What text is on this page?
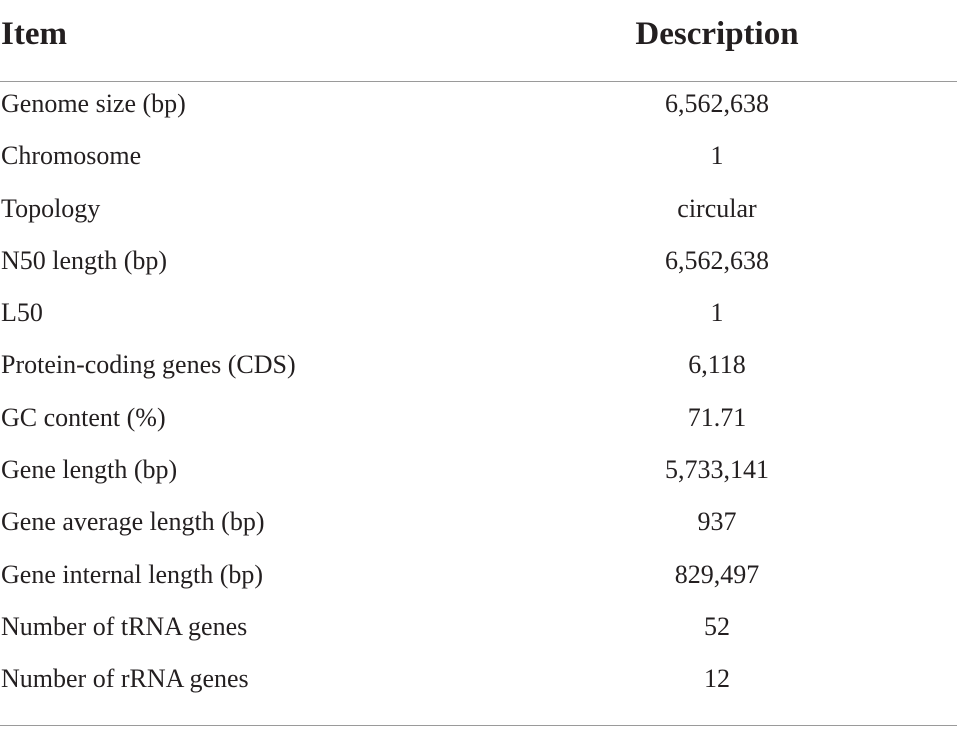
Item	Description
Genome size (bp)	6,562,638
Chromosome	1
Topology	circular
N50 length (bp)	6,562,638
L50	1
Protein-coding genes (CDS)	6,118
GC content (%)	71.71
Gene length (bp)	5,733,141
Gene average length (bp)	937
Gene internal length (bp)	829,497
Number of tRNA genes	52
Number of rRNA genes	12
